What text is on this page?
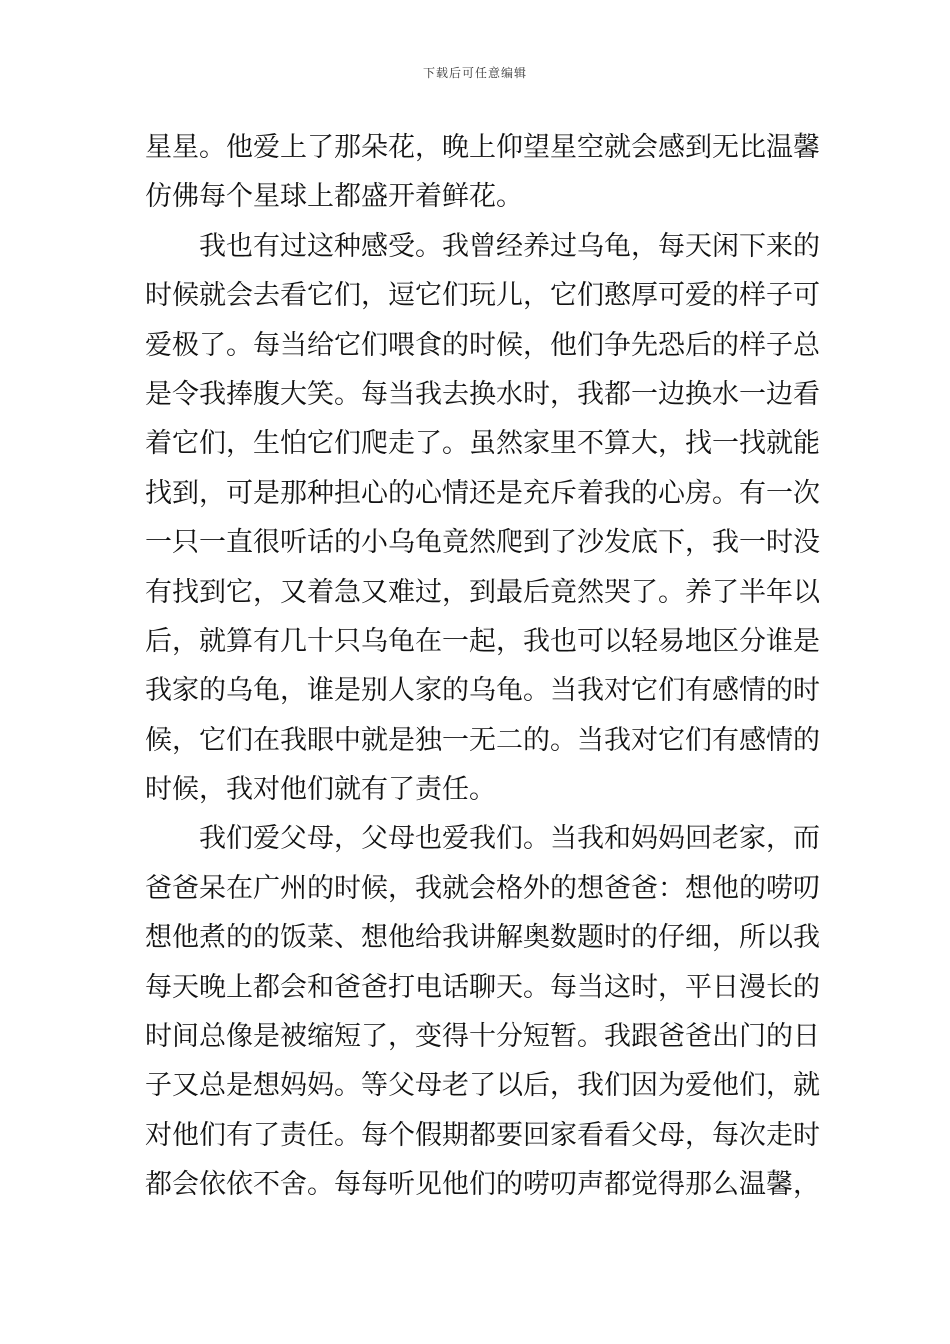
下载后可任意编辑
星星。他爱上了那朵花，晚上仰望星空就会感到无比温馨
仿佛每个星球上都盛开着鲜花。
我也有过这种感受。我曾经养过乌龟，每天闲下来的
时候就会去看它们，逗它们玩儿，它们憨厚可爱的样子可
爱极了。每当给它们喂食的时候，他们争先恐后的样子总
是令我捧腹大笑。每当我去换水时，我都一边换水一边看
着它们，生怕它们爬走了。虽然家里不算大，找一找就能
找到，可是那种担心的心情还是充斥着我的心房。有一次
一只一直很听话的小乌龟竟然爬到了沙发底下，我一时没
有找到它，又着急又难过，到最后竟然哭了。养了半年以
后，就算有几十只乌龟在一起，我也可以轻易地区分谁是
我家的乌龟，谁是别人家的乌龟。当我对它们有感情的时
候，它们在我眼中就是独一无二的。当我对它们有感情的
时候，我对他们就有了责任。
我们爱父母，父母也爱我们。当我和妈妈回老家，而
爸爸呆在广州的时候，我就会格外的想爸爸：想他的唠叨
想他煮的的饭菜、想他给我讲解奥数题时的仔细，所以我
每天晚上都会和爸爸打电话聊天。每当这时，平日漫长的
时间总像是被缩短了，变得十分短暂。我跟爸爸出门的日
子又总是想妈妈。等父母老了以后，我们因为爱他们，就
对他们有了责任。每个假期都要回家看看父母，每次走时
都会依依不舍。每每听见他们的唠叨声都觉得那么温馨，
